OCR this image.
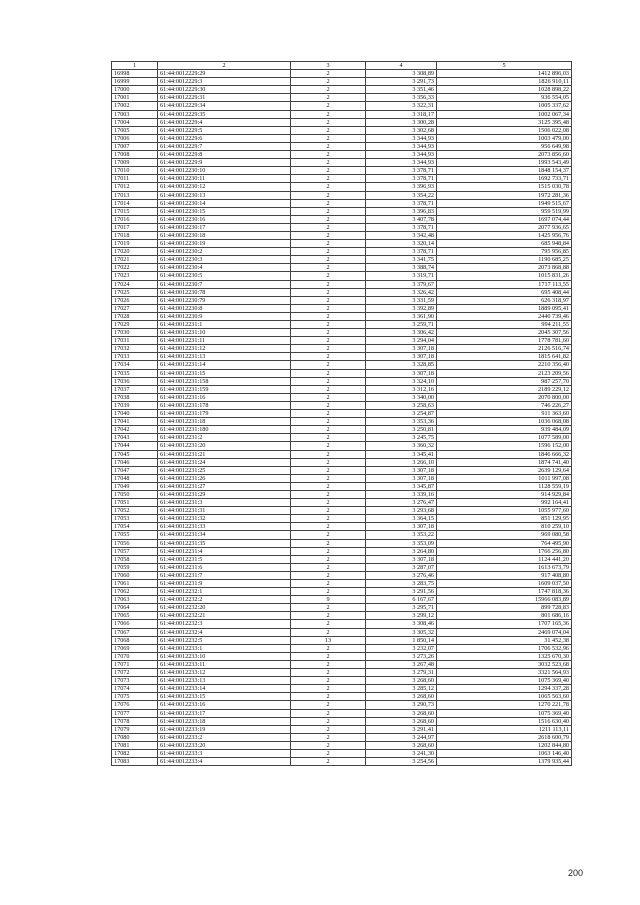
1	2	3	4	5
16998	61:44:0012229:29	2	3 308,89	1412 896,03
16999	61:44:0012229:3	2	3 291,73	1826 910,11
17000	61:44:0012229:30	2	3 351,46	1028 898,22
17001	61:44:0012229:31	2	3 356,33	936 554,05
17002	61:44:0012229:34	2	3 322,31	1005 337,62
17003	61:44:0012229:35	2	3 318,17	1002 067,34
17004	61:44:0012229:4	2	3 300,28	3125 395,48
17005	61:44:0012229:5	2	3 302,68	1506 022,08
17006	61:44:0012229:6	2	3 344,93	1003 479,00
17007	61:44:0012229:7	2	3 344,93	956 649,98
17008	61:44:0012229:8	2	3 344,93	2073 856,60
17009	61:44:0012229:9	2	3 344,93	1993 543,49
17010	61:44:0012230:10	2	3 378,71	1848 154,37
17011	61:44:0012230:11	2	3 378,71	1692 733,71
17012	61:44:0012230:12	2	3 396,93	1515 030,78
17013	61:44:0012230:13	2	3 354,22	1972 281,36
17014	61:44:0012230:14	2	3 378,71	1949 515,67
17015	61:44:0012230:15	2	3 396,83	959 519,99
17016	61:44:0012230:16	2	3 407,78	1697 074,44
17017	61:44:0012230:17	2	3 378,71	2077 936,65
17018	61:44:0012230:18	2	3 342,48	1425 956,76
17019	61:44:0012230:19	2	3 320,14	685 948,84
17020	61:44:0012230:2	2	3 378,71	795 956,85
17021	61:44:0012230:3	2	3 341,75	1190 685,25
17022	61:44:0012230:4	2	3 388,74	2073 868,88
17023	61:44:0012230:5	2	3 319,71	1015 831,26
17024	61:44:0012230:7	2	3 379,67	1717 113,55
17025	61:44:0012230:78	2	3 326,42	695 408,44
17026	61:44:0012230:79	2	3 331,59	626 318,97
17027	61:44:0012230:8	2	3 392,89	1889 095,41
17028	61:44:0012230:9	2	3 361,90	2440 739,46
17029	61:44:0012231:1	2	3 259,71	994 211,55
17030	61:44:0012231:10	2	3 306,42	2045 307,56
17031	61:44:0012231:11	2	3 294,04	1778 781,60
17032	61:44:0012231:12	2	3 307,18	2126 516,74
17033	61:44:0012231:13	2	3 307,18	1815 641,82
17034	61:44:0012231:14	2	3 328,85	2210 356,40
17035	61:44:0012231:15	2	3 307,18	2123 209,56
17036	61:44:0012231:158	2	3 324,10	987 257,70
17037	61:44:0012231:159	2	3 312,16	2189 229,12
17038	61:44:0012231:16	2	3 340,00	2070 800,00
17039	61:44:0012231:178	2	3 258,63	746 226,27
17040	61:44:0012231:179	2	3 254,87	911 363,60
17041	61:44:0012231:18	2	3 353,36	1036 068,08
17042	61:44:0012231:180	2	3 250,81	939 484,09
17043	61:44:0012231:2	2	3 245,75	1077 589,00
17044	61:44:0012231:20	2	3 360,32	1596 152,00
17045	61:44:0012231:21	2	3 345,41	1846 666,32
17046	61:44:0012231:24	2	3 266,10	1874 741,40
17047	61:44:0012231:25	2	3 307,18	2639 129,64
17048	61:44:0012231:26	2	3 307,18	1011 997,08
17049	61:44:0012231:27	2	3 345,87	1128 559,19
17050	61:44:0012231:29	2	3 339,16	914 929,84
17051	61:44:0012231:3	2	3 276,47	992 164,41
17052	61:44:0012231:31	2	3 293,68	1055 977,60
17053	61:44:0012231:32	2	3 364,15	851 129,95
17054	61:44:0012231:33	2	3 307,18	810 259,10
17055	61:44:0012231:34	2	3 353,22	969 080,58
17056	61:44:0012231:35	2	3 353,09	764 495,90
17057	61:44:0012231:4	2	3 264,80	1766 256,80
17058	61:44:0012231:5	2	3 307,18	1124 441,20
17059	61:44:0012231:6	2	3 287,07	1613 673,79
17060	61:44:0012231:7	2	3 276,46	917 408,80
17061	61:44:0012231:9	2	3 283,75	1609 037,50
17062	61:44:0012232:1	2	3 291,56	1747 818,36
17063	61:44:0012232:2	9	6 167,67	15966 083,89
17064	61:44:0012232:20	2	3 295,71	899 728,83
17065	61:44:0012232:21	2	3 299,12	801 686,16
17066	61:44:0012232:3	2	3 308,46	1707 165,36
17067	61:44:0012232:4	2	3 305,32	2469 074,04
17068	61:44:0012232:5	13	1 850,14	31 452,38
17069	61:44:0012233:1	2	3 232,07	1706 532,96
17070	61:44:0012233:10	2	3 273,26	1325 670,30
17071	61:44:0012233:11	2	3 267,48	3032 523,68
17072	61:44:0012233:12	2	3 279,31	3321 564,93
17073	61:44:0012233:13	2	3 268,60	1075 369,40
17074	61:44:0012233:14	2	3 285,12	1294 337,28
17075	61:44:0012233:15	2	3 268,60	1065 563,60
17076	61:44:0012233:16	2	3 290,73	1270 221,78
17077	61:44:0012233:17	2	3 268,60	1075 369,40
17078	61:44:0012233:18	2	3 268,60	1516 630,40
17079	61:44:0012233:19	2	3 291,41	1211 113,11
17080	61:44:0012233:2	2	3 244,97	2618 600,79
17081	61:44:0012233:20	2	3 268,60	1202 844,80
17082	61:44:0012233:3	2	3 241,30	1063 146,40
17083	61:44:0012233:4	2	3 254,56	1379 935,44
200
